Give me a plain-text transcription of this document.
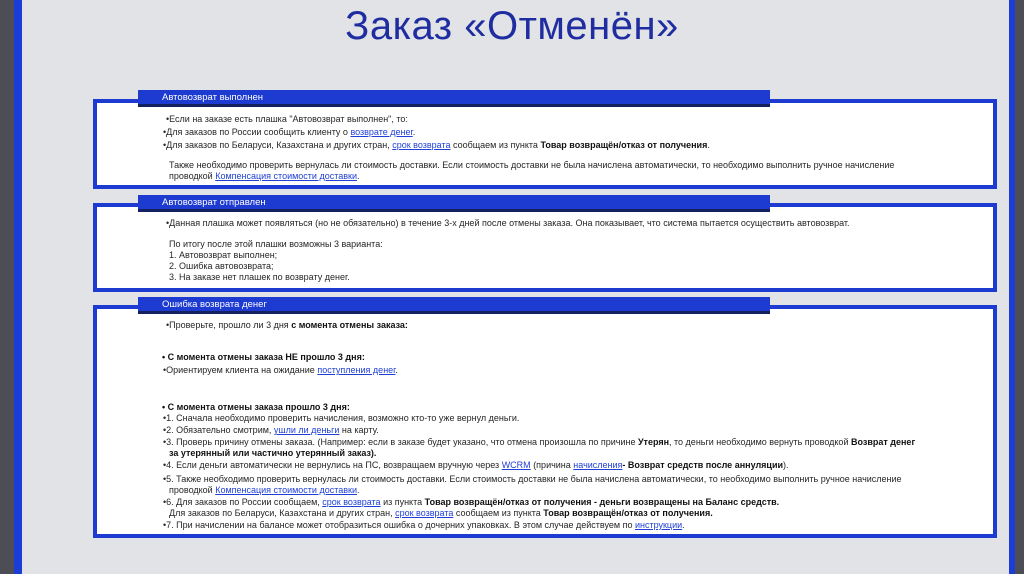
Заказ «Отменён»
Автовозврат выполнен
•Если на заказе есть плашка "Автовозврат выполнен", то:
•Для заказов по России сообщить клиенту о возврате денег.
•Для заказов по Беларуси, Казахстана и других стран, срок возврата сообщаем из пункта Товар возвращён/отказ от получения.
Также необходимо проверить вернулась ли стоимость доставки. Если стоимость доставки не была начислена автоматически, то необходимо выполнить ручное начисление
проводкой Компенсация стоимости доставки.
Автовозврат отправлен
•Данная плашка может появляться (но не обязательно) в течение 3-х дней после отмены заказа. Она показывает, что система пытается осуществить автовозврат.
По итогу после этой плашки возможны 3 варианта:
1. Автовозврат выполнен;
2. Ошибка автовозврата;
3. На заказе нет плашек по возврату денег.
Ошибка возврата денег
•Проверьте, прошло ли 3 дня с момента отмены заказа:
• С момента отмены заказа НЕ прошло 3 дня:
•Ориентируем клиента на ожидание поступления денег.
• С момента отмены заказа прошло 3 дня:
•1. Сначала необходимо проверить начисления, возможно кто-то уже вернул деньги.
•2. Обязательно смотрим, ушли ли деньги на карту.
•3. Проверь причину отмены заказа. (Например: если в заказе будет указано, что отмена произошла по причине Утерян, то деньги необходимо вернуть проводкой Возврат денег
за утерянный или частично утерянный заказ).
•4. Если деньги автоматически не вернулись на ПС, возвращаем вручную через WCRM (причина начисления- Возврат средств после аннуляции).
•5. Также необходимо проверить вернулась ли стоимость доставки. Если стоимость доставки не была начислена автоматически, то необходимо выполнить ручное начисление
проводкой Компенсация стоимости доставки.
•6. Для заказов по России сообщаем, срок возврата из пункта Товар возвращён/отказ от получения - деньги возвращены на Баланс средств.
Для заказов по Беларуси, Казахстана и других стран, срок возврата сообщаем из пункта Товар возвращён/отказ от получения.
•7. При начислении на балансе может отобразиться ошибка о дочерних упаковках. В этом случае действуем по инструкции.
